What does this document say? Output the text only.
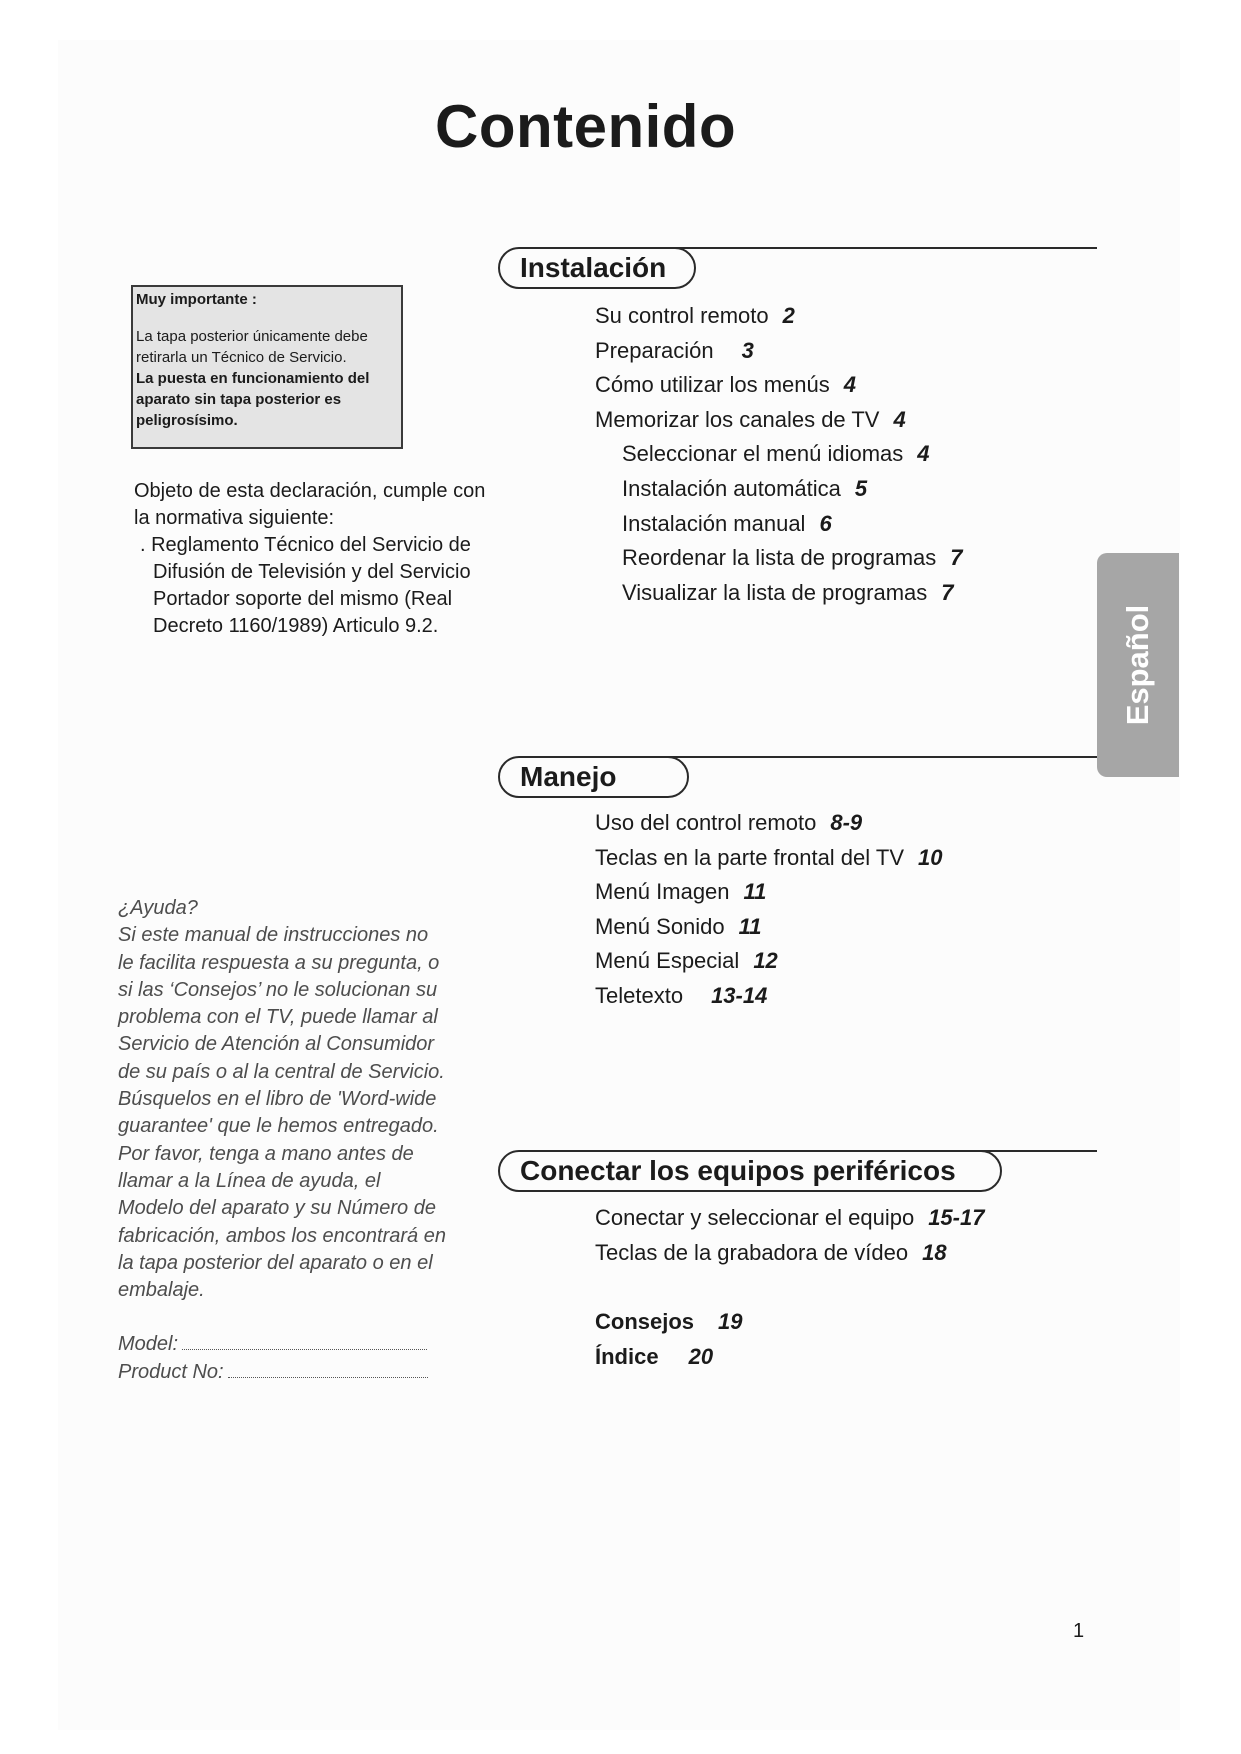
Contenido
Muy importante :
La tapa posterior únicamente debe retirarla un Técnico de Servicio.
La puesta en funcionamiento del aparato sin tapa posterior es peligrosísimo.
Objeto de esta declaración, cumple con la normativa siguiente:
. Reglamento Técnico del Servicio de Difusión de Televisión y del Servicio Portador soporte del mismo (Real Decreto 1160/1989) Articulo 9.2.

¿Ayuda?

Si este manual de instrucciones no le facilita respuesta a su pregunta, o si las ‘Consejos’ no le solucionan su problema con el TV, puede llamar al Servicio de Atención al Consumidor de su país o al la central de Servicio. Búsquelos en el libro de 'Word-wide guarantee' que le hemos entregado. Por favor, tenga a mano antes de llamar a la Línea de ayuda, el Modelo del aparato y su Número de fabricación, ambos los encontrará en la tapa posterior del aparato o en el embalaje.

Model:
Product No:
Instalación
Su control remoto 2
Preparación 3
Cómo utilizar los menús 4
Memorizar los canales de TV 4
Seleccionar el menú idiomas 4
Instalación automática 5
Instalación manual 6
Reordenar la lista de programas 7
Visualizar la lista de programas 7
Manejo
Uso del control remoto 8-9
Teclas en la parte frontal del TV 10
Menú Imagen 11
Menú Sonido 11
Menú Especial 12
Teletexto 13-14
Conectar los equipos periféricos
Conectar y seleccionar el equipo 15-17
Teclas de la grabadora de vídeo 18
Consejos 19
Índice 20
Español
1
